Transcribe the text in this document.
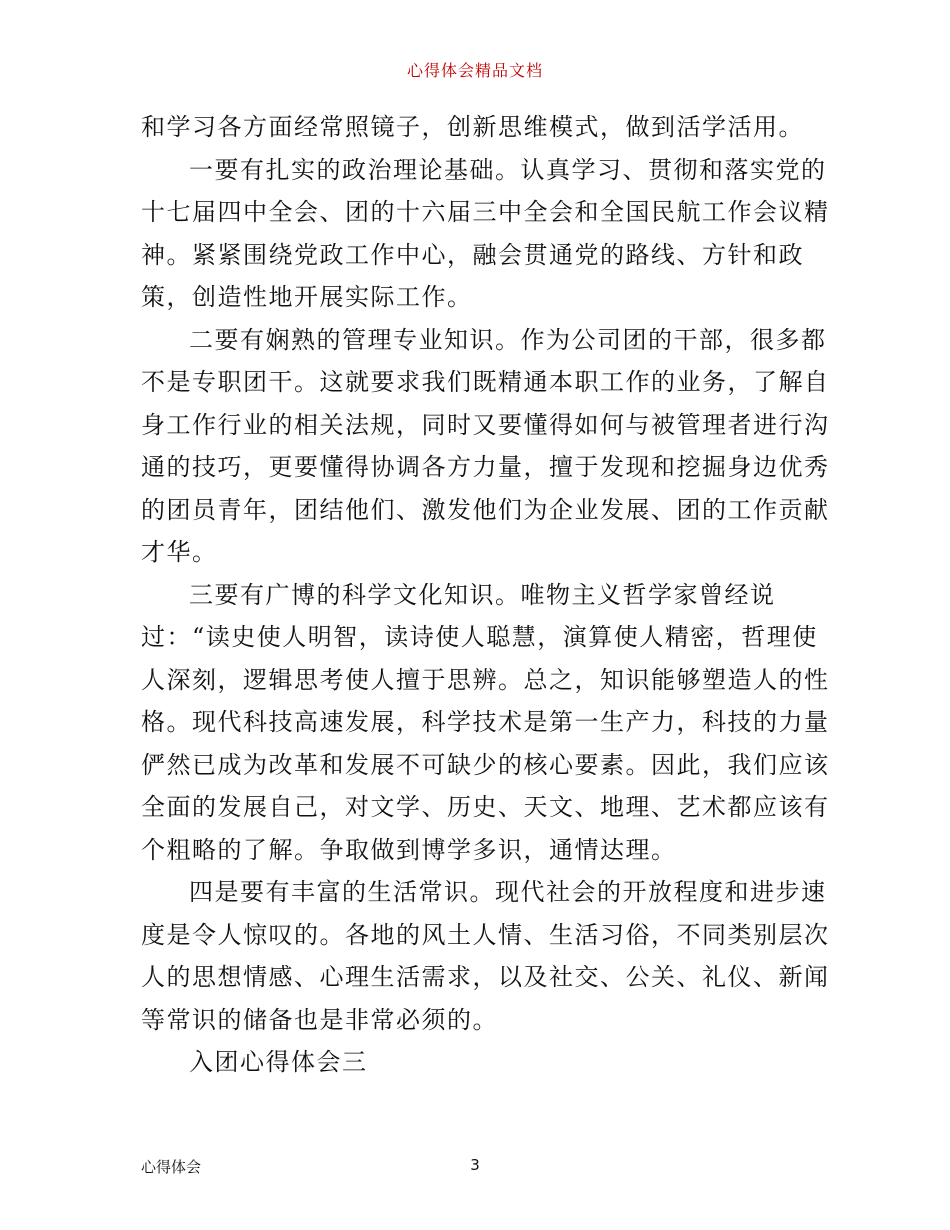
心得体会精品文档
和学习各方面经常照镜子，创新思维模式，做到活学活用。
一要有扎实的政治理论基础。认真学习、贯彻和落实党的
十七届四中全会、团的十六届三中全会和全国民航工作会议精
神。紧紧围绕党政工作中心，融会贯通党的路线、方针和政
策，创造性地开展实际工作。
二要有娴熟的管理专业知识。作为公司团的干部，很多都
不是专职团干。这就要求我们既精通本职工作的业务，了解自
身工作行业的相关法规，同时又要懂得如何与被管理者进行沟
通的技巧，更要懂得协调各方力量，擅于发现和挖掘身边优秀
的团员青年，团结他们、激发他们为企业发展、团的工作贡献
才华。
三要有广博的科学文化知识。唯物主义哲学家曾经说
过：“读史使人明智，读诗使人聪慧，演算使人精密，哲理使
人深刻，逻辑思考使人擅于思辨。总之，知识能够塑造人的性
格。现代科技高速发展，科学技术是第一生产力，科技的力量
俨然已成为改革和发展不可缺少的核心要素。因此，我们应该
全面的发展自己，对文学、历史、天文、地理、艺术都应该有
个粗略的了解。争取做到博学多识，通情达理。
四是要有丰富的生活常识。现代社会的开放程度和进步速
度是令人惊叹的。各地的风土人情、生活习俗，不同类别层次
人的思想情感、心理生活需求，以及社交、公关、礼仪、新闻
等常识的储备也是非常必须的。
入团心得体会三
心得体会	3
